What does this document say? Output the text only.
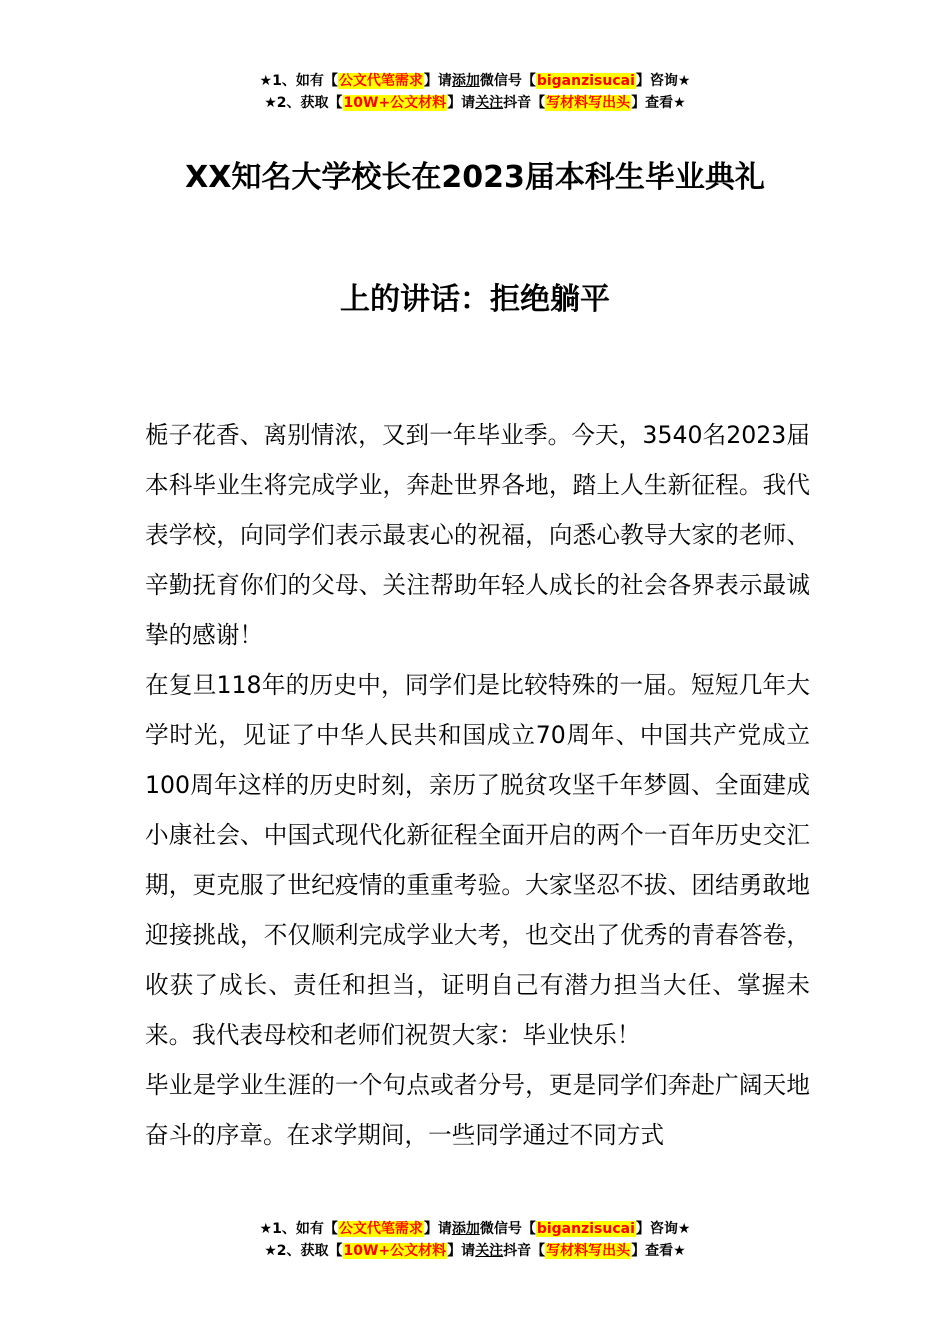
★1、如有【公文代笔需求】请添加微信号【biganzisucai】咨询★
★2、获取【10W+公文材料】请关注抖音【写材料写出头】查看★
XX知名大学校长在2023届本科生毕业典礼
上的讲话：拒绝躺平

栀子花香、离别情浓，又到一年毕业季。今天，3540名2023届本科毕业生将完成学业，奔赴世界各地，踏上人生新征程。我代表学校，向同学们表示最衷心的祝福，向悉心教导大家的老师、辛勤抚育你们的父母、关注帮助年轻人成长的社会各界表示最诚挚的感谢！

在复旦118年的历史中，同学们是比较特殊的一届。短短几年大学时光，见证了中华人民共和国成立70周年、中国共产党成立100周年这样的历史时刻，亲历了脱贫攻坚千年梦圆、全面建成小康社会、中国式现代化新征程全面开启的两个一百年历史交汇期，更克服了世纪疫情的重重考验。大家坚忍不拔、团结勇敢地迎接挑战，不仅顺利完成学业大考，也交出了优秀的青春答卷，收获了成长、责任和担当，证明自己有潜力担当大任、掌握未来。我代表母校和老师们祝贺大家：毕业快乐！

毕业是学业生涯的一个句点或者分号，更是同学们奔赴广阔天地奋斗的序章。在求学期间，一些同学通过不同方式

★1、如有【公文代笔需求】请添加微信号【biganzisucai】咨询★
★2、获取【10W+公文材料】请关注抖音【写材料写出头】查看★
